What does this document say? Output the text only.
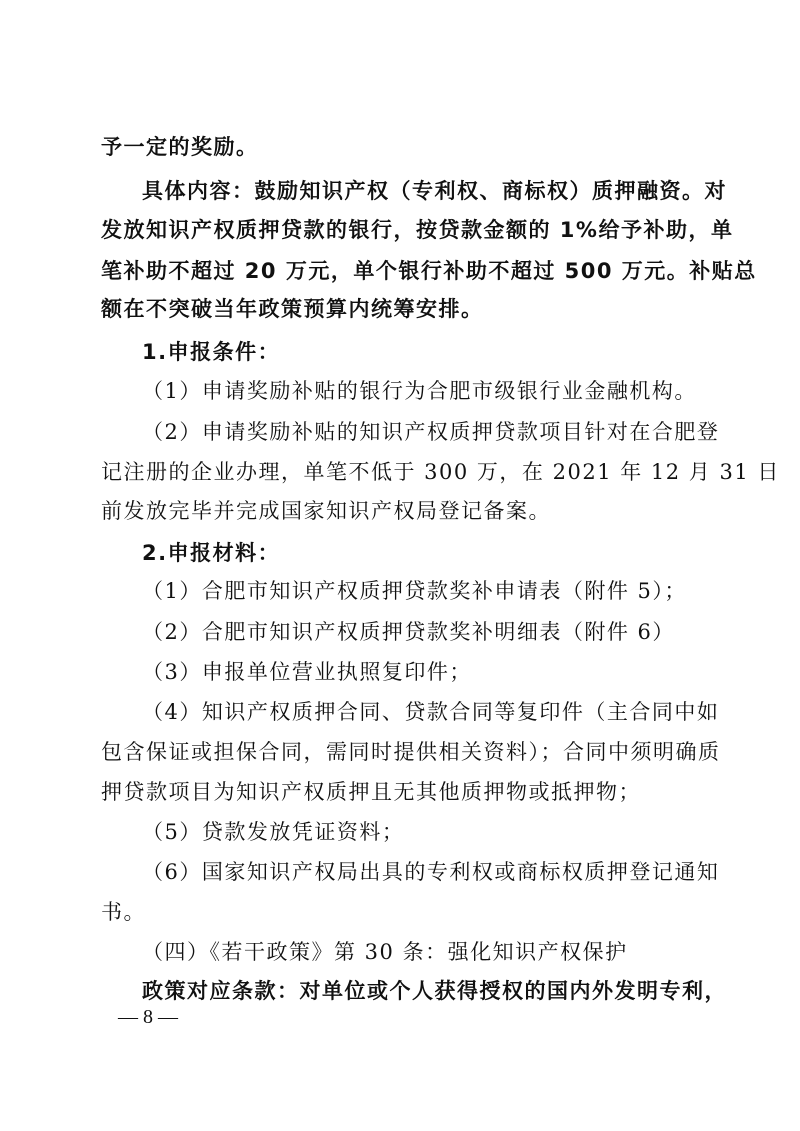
予一定的奖励。

具体内容：鼓励知识产权（专利权、商标权）质押融资。对

发放知识产权质押贷款的银行，按贷款金额的 1%给予补助，单

笔补助不超过 20 万元，单个银行补助不超过 500 万元。补贴总

额在不突破当年政策预算内统筹安排。

1.申报条件：

（1）申请奖励补贴的银行为合肥市级银行业金融机构。

（2）申请奖励补贴的知识产权质押贷款项目针对在合肥登

记注册的企业办理，单笔不低于 300 万，在 2021 年 12 月 31 日

前发放完毕并完成国家知识产权局登记备案。

2.申报材料：

（1）合肥市知识产权质押贷款奖补申请表（附件 5）；

（2）合肥市知识产权质押贷款奖补明细表（附件 6）

（3）申报单位营业执照复印件；

（4）知识产权质押合同、贷款合同等复印件（主合同中如

包含保证或担保合同，需同时提供相关资料）；合同中须明确质

押贷款项目为知识产权质押且无其他质押物或抵押物；

（5）贷款发放凭证资料；

（6）国家知识产权局出具的专利权或商标权质押登记通知

书。

（四）《若干政策》第 30 条：强化知识产权保护

政策对应条款：对单位或个人获得授权的国内外发明专利，

— 8 —
